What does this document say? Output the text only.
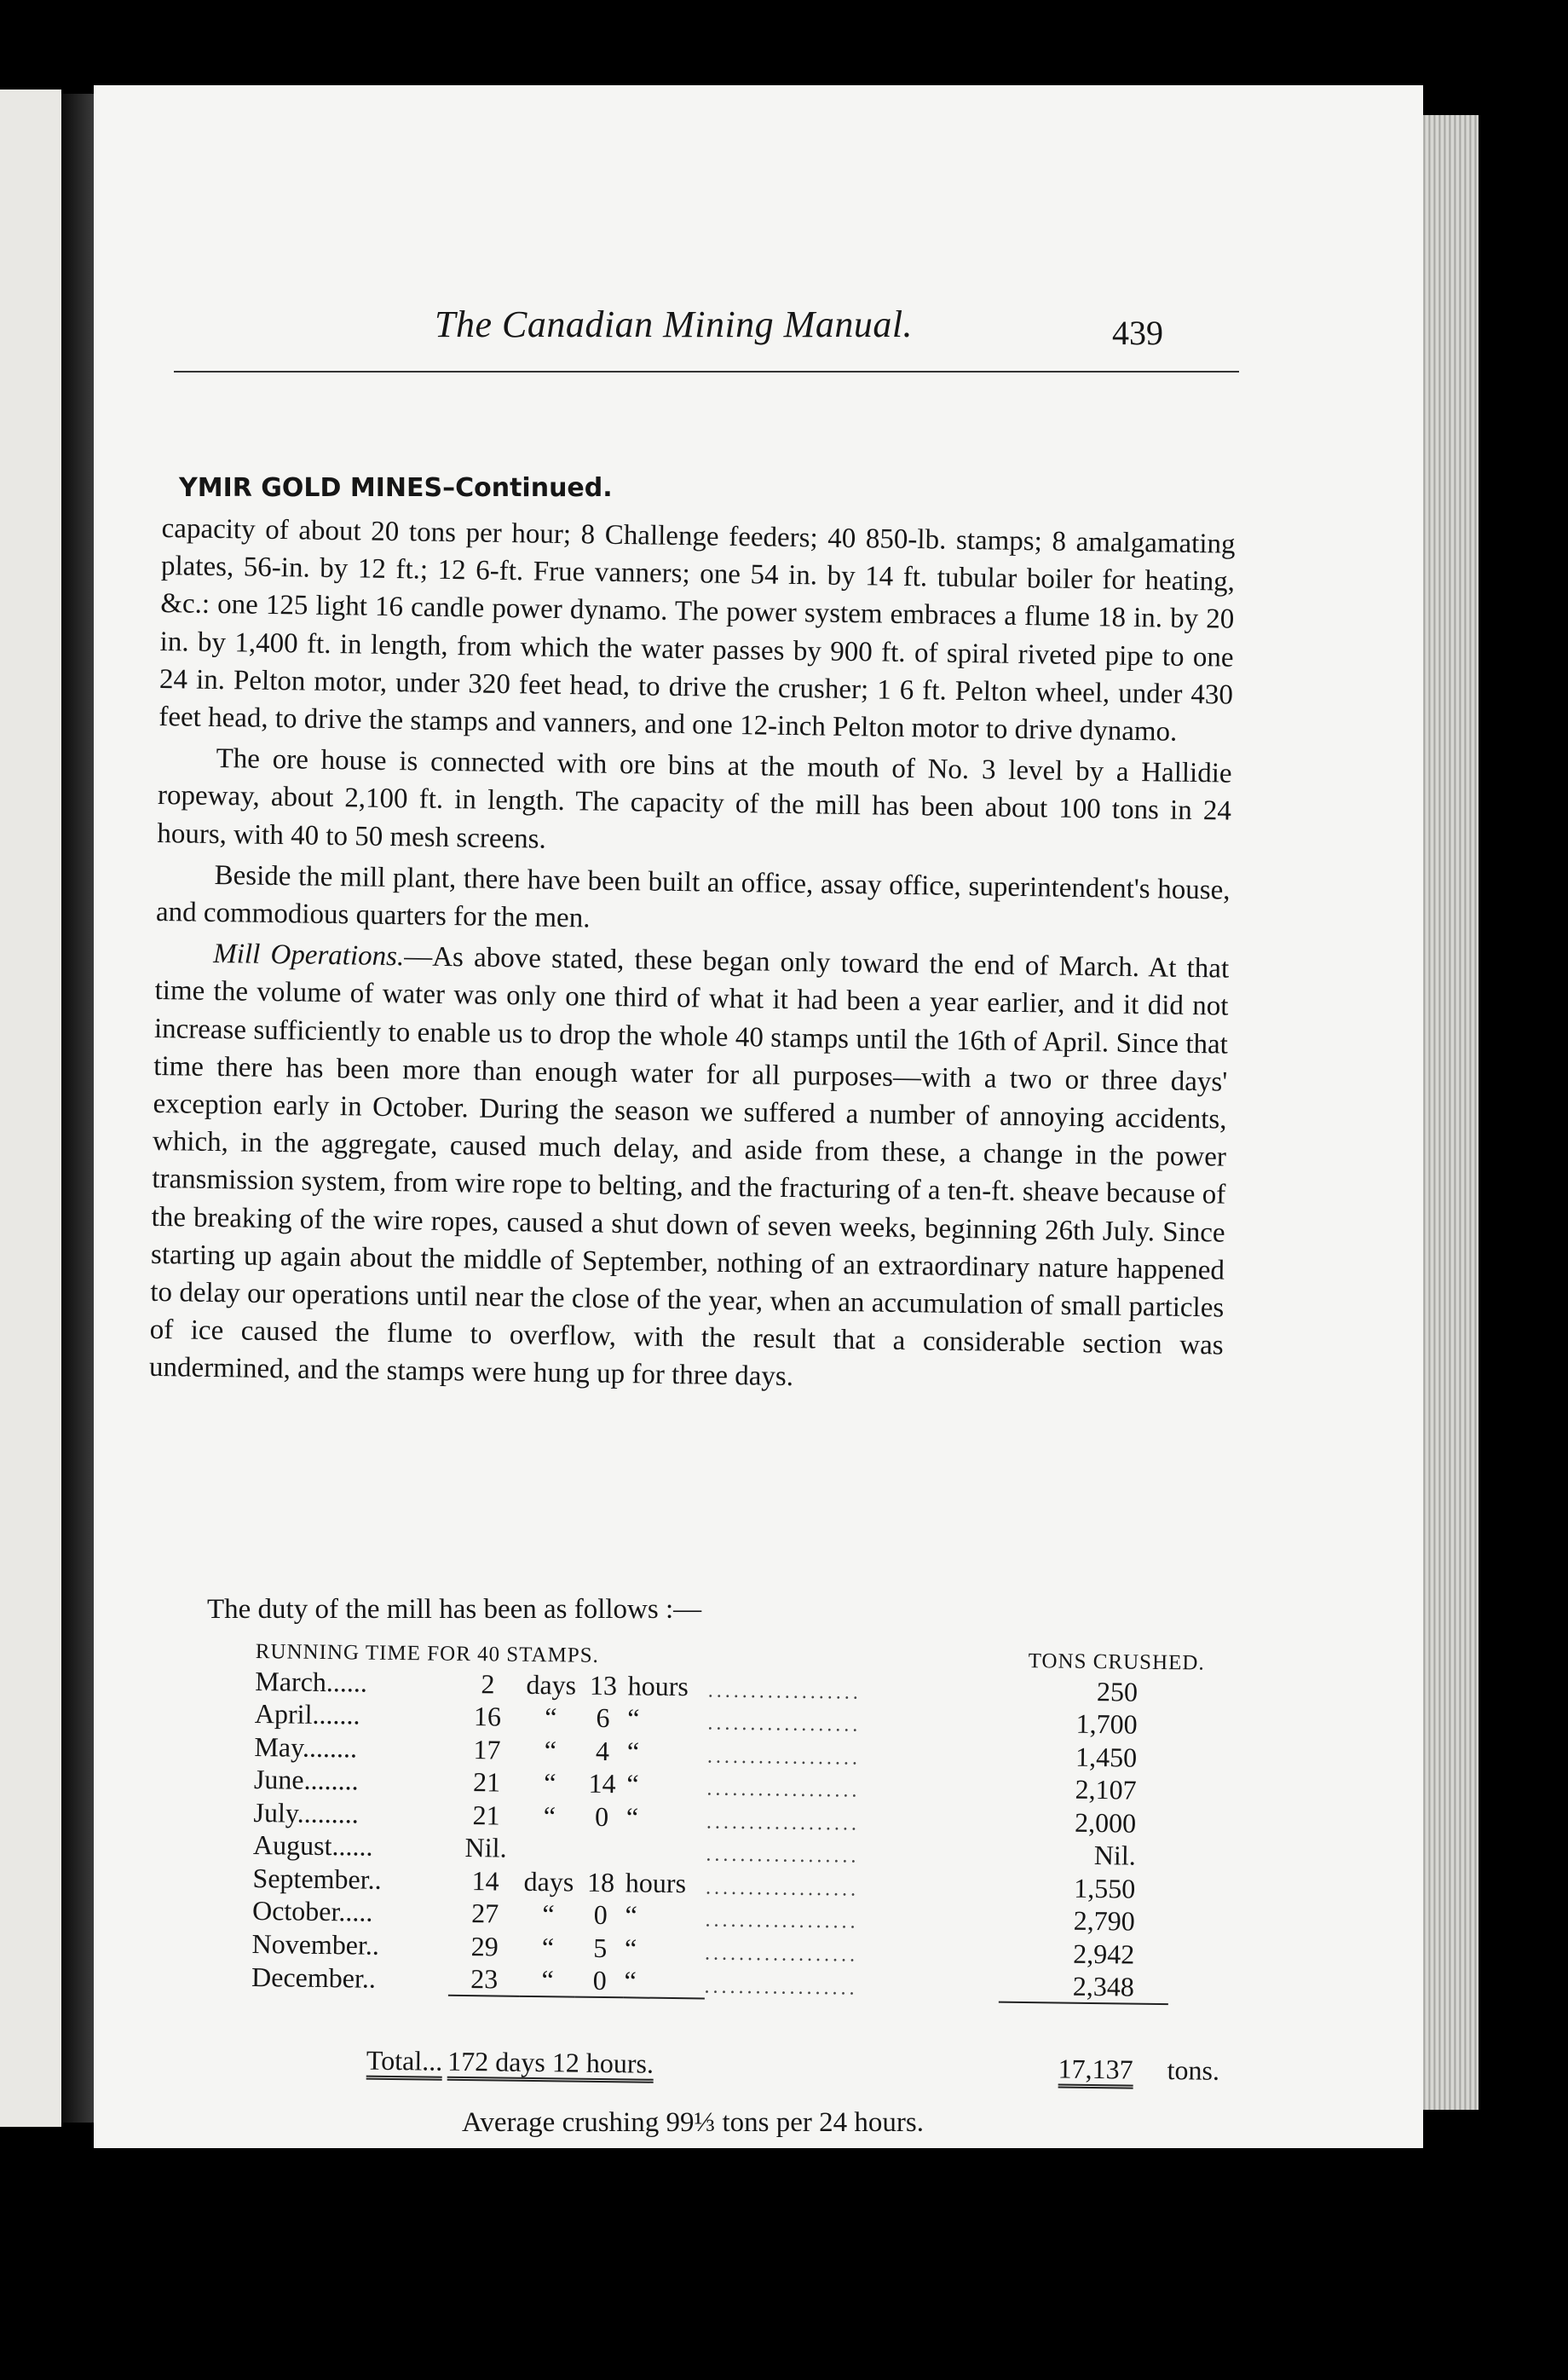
The Canadian Mining Manual.	439
YMIR GOLD MINES–Continued.

capacity of about 20 tons per hour; 8 Challenge feeders; 40 850-lb. stamps; 8 amalgamating plates, 56-in. by 12 ft.; 12 6-ft. Frue vanners; one 54 in. by 14 ft. tubular boiler for heating, &c.: one 125 light 16 candle power dynamo. The power system embraces a flume 18 in. by 20 in. by 1,400 ft. in length, from which the water passes by 900 ft. of spiral riveted pipe to one 24 in. Pelton motor, under 320 feet head, to drive the crusher; 1 6 ft. Pelton wheel, under 430 feet head, to drive the stamps and vanners, and one 12-inch Pelton motor to drive dynamo.

The ore house is connected with ore bins at the mouth of No. 3 level by a Hallidie ropeway, about 2,100 ft. in length. The capacity of the mill has been about 100 tons in 24 hours, with 40 to 50 mesh screens.

Beside the mill plant, there have been built an office, assay office, superintendent's house, and commodious quarters for the men.

Mill Operations.—As above stated, these began only toward the end of March. At that time the volume of water was only one third of what it had been a year earlier, and it did not increase sufficiently to enable us to drop the whole 40 stamps until the 16th of April. Since that time there has been more than enough water for all purposes—with a two or three days' exception early in October. During the season we suffered a number of annoying accidents, which, in the aggregate, caused much delay, and aside from these, a change in the power transmission system, from wire rope to belting, and the fracturing of a ten-ft. sheave because of the breaking of the wire ropes, caused a shut down of seven weeks, beginning 26th July. Since starting up again about the middle of September, nothing of an extraordinary nature happened to delay our operations until near the close of the year, when an accumulation of small particles of ice caused the flume to overflow, with the result that a considerable section was undermined, and the stamps were hung up for three days.

The duty of the mill has been as follows :—
RUNNING TIME FOR 40 STAMPS.						TONS CRUSHED.	
March......	2	days	13	hours	..................	250	
April.......	16	“	6	“	..................	1,700	
May........	17	“	4	“	..................	1,450	
June........	21	“	14	“	..................	2,107	
July.........	21	“	0	“	..................	2,000	
August......	Nil.				..................	Nil.	
September..	14	days	18	hours	..................	1,550	
October.....	27	“	0	“	..................	2,790	
November..	29	“	5	“	..................	2,942	
December..	23	“	0	“	..................	2,348	

Total...	172 days 12 hours.					17,137	tons.
Average crushing 99⅓ tons per 24 hours.
